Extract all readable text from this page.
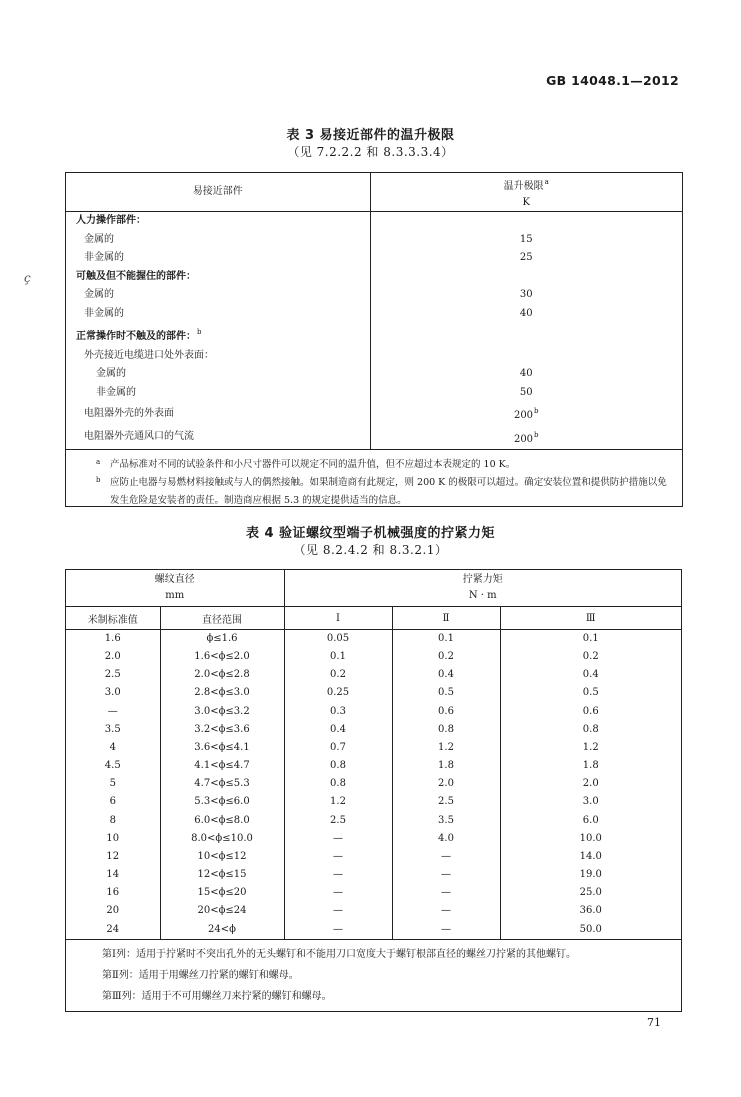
GB 14048.1—2012
ç
表 3 易接近部件的温升极限
（见 7.2.2.2 和 8.3.3.3.4）
易接近部件	温升极限$^a$
K
人力操作部件：	
金属的	15
非金属的	25
可触及但不能握住的部件：	
金属的	30
非金属的	40
正常操作时不触及的部件：$^b$	
外壳接近电缆进口处外表面：	
金属的	40
非金属的	50
电阻器外壳的外表面	200$^b$
电阻器外壳通风口的气流	200$^b$

a 产品标准对不同的试验条件和小尺寸器件可以规定不同的温升值，但不应超过本表规定的 10 K。
b 应防止电器与易燃材料接触或与人的偶然接触。如果制造商有此规定，则 200 K 的极限可以超过。确定安装位置和提供防护措施以免发生危险是安装者的责任。制造商应根据 5.3 的规定提供适当的信息。	
表 4 验证螺纹型端子机械强度的拧紧力矩
（见 8.2.4.2 和 8.3.2.1）
螺纹直径
mm		拧紧力矩
N · m		
米制标准值	直径范围	Ⅰ	Ⅱ	Ⅲ
1.6	ϕ≤1.6	0.05	0.1	0.1
2.0	1.6<ϕ≤2.0	0.1	0.2	0.2
2.5	2.0<ϕ≤2.8	0.2	0.4	0.4
3.0	2.8<ϕ≤3.0	0.25	0.5	0.5
—	3.0<ϕ≤3.2	0.3	0.6	0.6
3.5	3.2<ϕ≤3.6	0.4	0.8	0.8
4	3.6<ϕ≤4.1	0.7	1.2	1.2
4.5	4.1<ϕ≤4.7	0.8	1.8	1.8
5	4.7<ϕ≤5.3	0.8	2.0	2.0
6	5.3<ϕ≤6.0	1.2	2.5	3.0
8	6.0<ϕ≤8.0	2.5	3.5	6.0
10	8.0<ϕ≤10.0	—	4.0	10.0
12	10<ϕ≤12	—	—	14.0
14	12<ϕ≤15	—	—	19.0
16	15<ϕ≤20	—	—	25.0
20	20<ϕ≤24	—	—	36.0
24	24<ϕ	—	—	50.0

第Ⅰ列：适用于拧紧时不突出孔外的无头螺钉和不能用刀口宽度大于螺钉根部直径的螺丝刀拧紧的其他螺钉。
第Ⅱ列：适用于用螺丝刀拧紧的螺钉和螺母。
第Ⅲ列：适用于不可用螺丝刀来拧紧的螺钉和螺母。				
71
